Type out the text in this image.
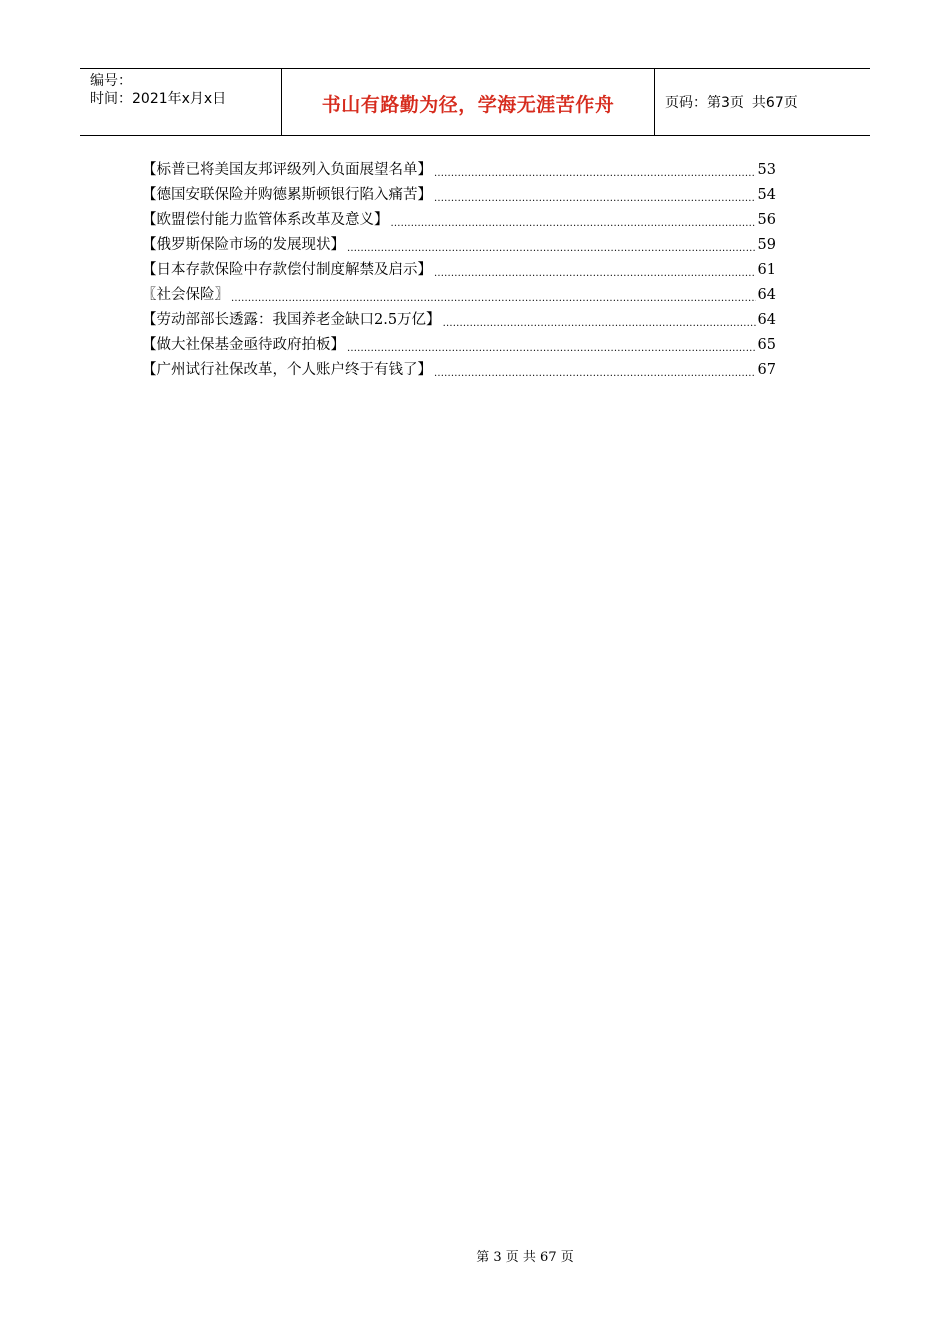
编号：
时间：2021年x月x日	书山有路勤为径，学海无涯苦作舟	页码：第3页 共67页
【标普已将美国友邦评级列入负面展望名单】 .....	53
【德国安联保险并购德累斯顿银行陷入痛苦】 .....	54
【欧盟偿付能力监管体系改革及意义】 .....	56
【俄罗斯保险市场的发展现状】 .....	59
【日本存款保险中存款偿付制度解禁及启示】 .....	61
〖社会保险〗 .....	64
【劳动部部长透露：我国养老金缺口2.5万亿】 .....	64
【做大社保基金亟待政府拍板】 .....	65
【广州试行社保改革，个人账户终于有钱了】 .....	67
第 3 页 共 67 页
